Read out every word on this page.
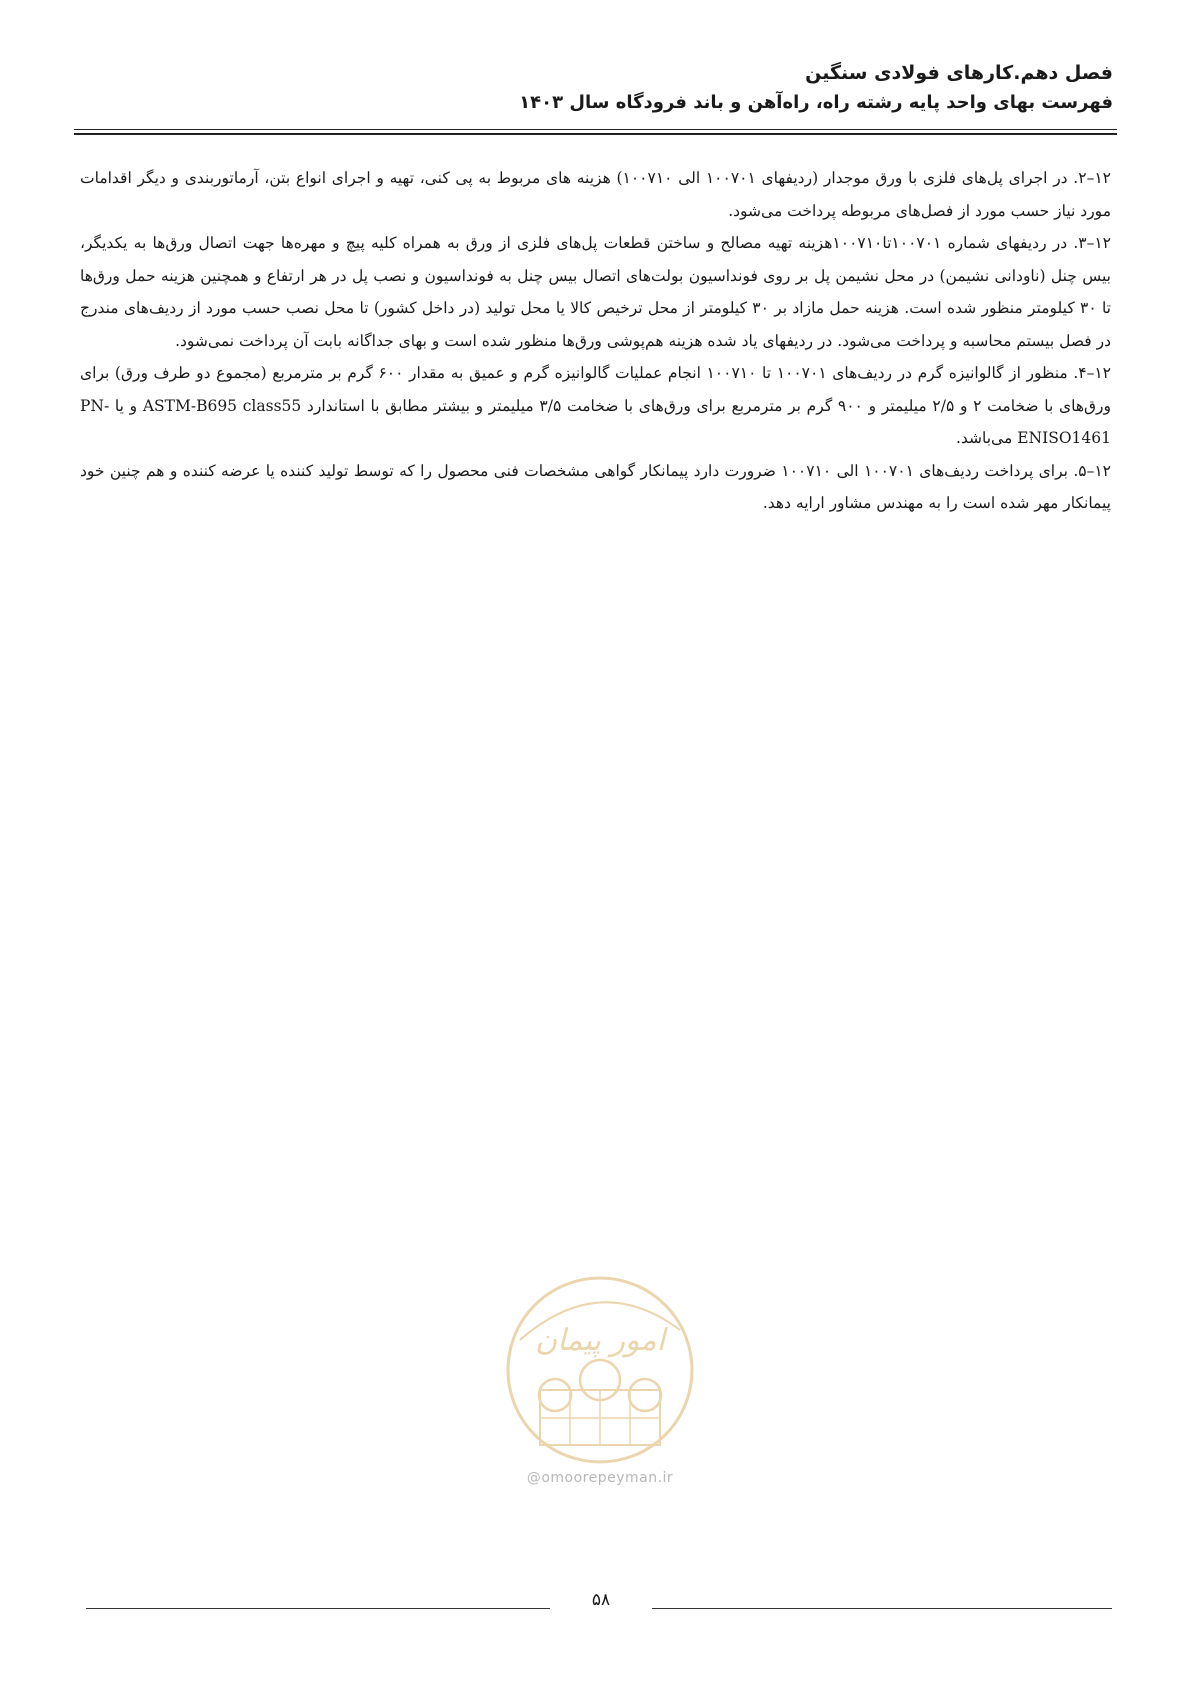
فصل دهم.کارهای فولادی سنگین
فهرست بهای واحد پایه رشته راه، راه‌آهن و باند فرودگاه سال ۱۴۰۳

۱۲–۲. در اجرای پل‌های فلزی با ورق موجدار (ردیفهای ۱۰۰۷۰۱ الی ۱۰۰۷۱۰) هزینه های مربوط به پی کنی، تهیه و اجرای انواع بتن، آرماتوربندی و دیگر اقدامات مورد نیاز حسب مورد از فصل‌های مربوطه پرداخت می‌شود.

۱۲–۳. در ردیفهای شماره ۱۰۰۷۰۱تا۱۰۰۷۱۰هزینه تهیه مصالح و ساختن قطعات پل‌های فلزی از ورق به همراه کلیه پیچ و مهره‌ها جهت اتصال ورق‌ها به یکدیگر، بیس چنل (ناودانی نشیمن) در محل نشیمن پل بر روی فونداسیون بولت‌های اتصال بیس چنل به فونداسیون و نصب پل در هر ارتفاع و همچنین هزینه حمل ورق‌ها تا ۳۰ کیلومتر منظور شده است. هزینه حمل مازاد بر ۳۰ کیلومتر از محل ترخیص کالا یا محل تولید (در داخل کشور) تا محل نصب حسب مورد از ردیف‌های مندرج در فصل بیستم محاسبه و پرداخت می‌شود. در ردیفهای یاد شده هزینه هم‌پوشی ورق‌ها منظور شده است و بهای جداگانه بابت آن پرداخت نمی‌شود.

۱۲–۴. منظور از گالوانیزه گرم در ردیف‌های ۱۰۰۷۰۱ تا ۱۰۰۷۱۰ انجام عملیات گالوانیزه گرم و عمیق به مقدار ۶۰۰ گرم بر مترمربع (مجموع دو طرف ورق) برای ورق‌های با ضخامت ۲ و ۲/۵ میلیمتر و ۹۰۰ گرم بر مترمربع برای ورق‌های با ضخامت ۳/۵ میلیمتر و بیشتر مطابق با استاندارد ASTM-B695 class55 و یا PN-ENISO1461 می‌باشد.

۱۲–۵. برای پرداخت ردیف‌های ۱۰۰۷۰۱ الی ۱۰۰۷۱۰ ضرورت دارد پیمانکار گواهی مشخصات فنی محصول را که توسط تولید کننده یا عرضه کننده و هم چنین خود پیمانکار مهر شده است را به مهندس مشاور ارایه دهد.

امور پیمان
@omoorepeyman.ir
۵۸
